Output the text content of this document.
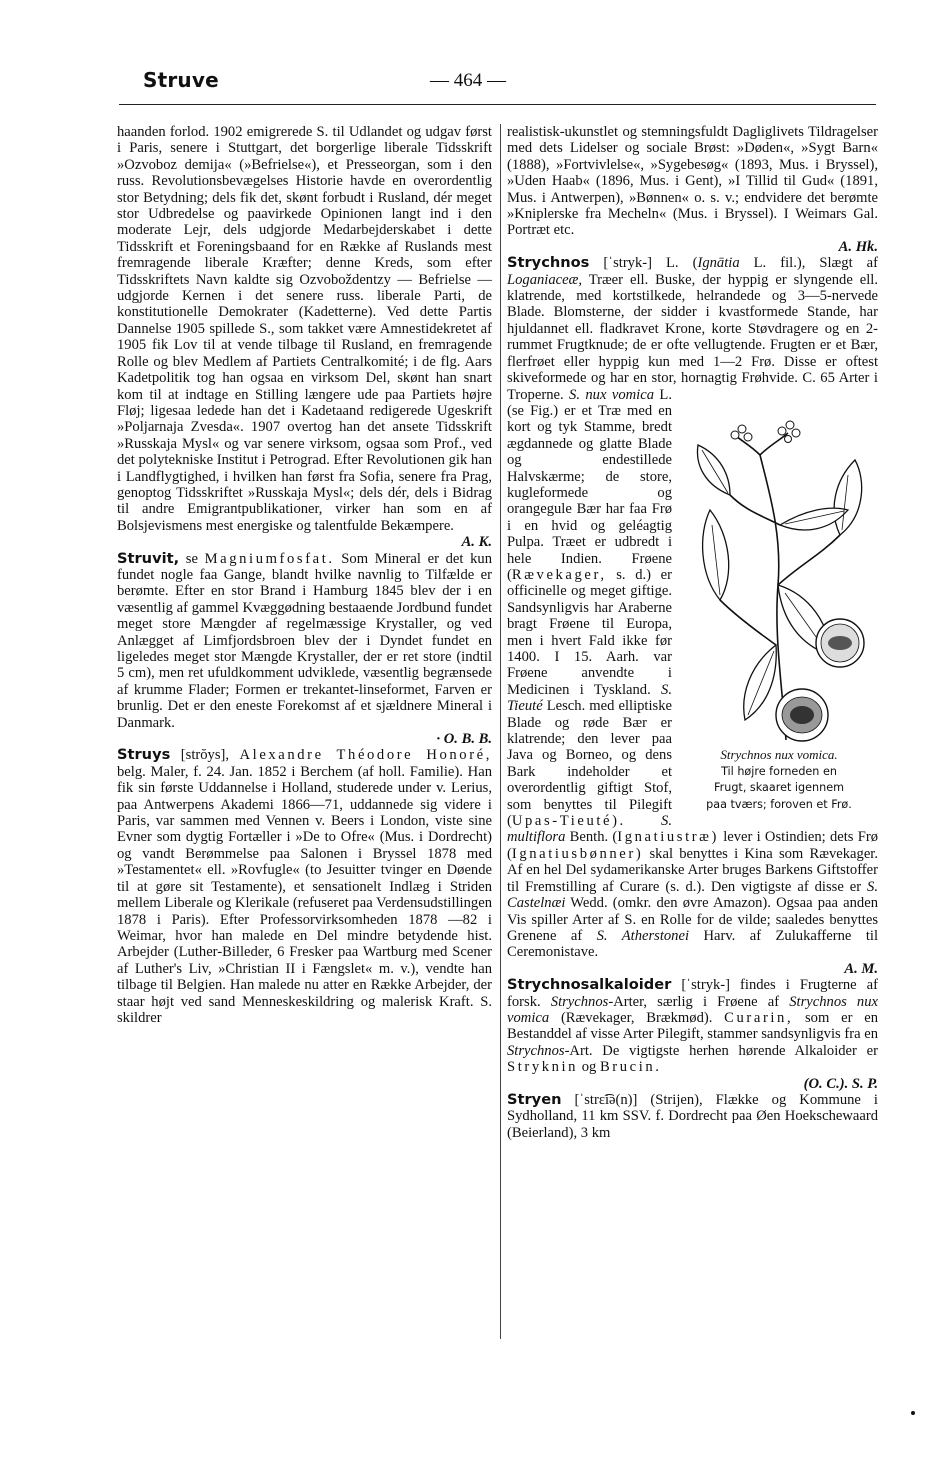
Struve	— 464 —

haanden forlod. 1902 emigrerede S. til Udlandet og udgav først i Paris, senere i Stuttgart, det borgerlige liberale Tidsskrift »Ozvoboz demija« (»Befrielse«), et Presseorgan, som i den russ. Revolutionsbevægelses Historie havde en overordentlig stor Betydning; dels fik det, skønt forbudt i Rusland, dér meget stor Udbredelse og paavirkede Opinionen langt ind i den moderate Lejr, dels udgjorde Medarbejderskabet i dette Tidsskrift et Foreningsbaand for en Række af Ruslands mest fremragende liberale Kræfter; denne Kreds, som efter Tidsskriftets Navn kaldte sig Ozvoboždentzy — Befrielse — udgjorde Kernen i det senere russ. liberale Parti, de konstitutionelle Demokrater (Kadetterne). Ved dette Partis Dannelse 1905 spillede S., som takket være Amnestidekretet af 1905 fik Lov til at vende tilbage til Rusland, en fremragende Rolle og blev Medlem af Partiets Centralkomité; i de flg. Aars Kadetpolitik tog han ogsaa en virksom Del, skønt han snart kom til at indtage en Stilling længere ude paa Partiets højre Fløj; ligesaa ledede han det i Kadetaand redigerede Ugeskrift »Poljarnaja Zvesda«. 1907 overtog han det ansete Tidsskrift »Russkaja Mysl« og var senere virksom, ogsaa som Prof., ved det polytekniske Institut i Petrograd. Efter Revolutionen gik han i Landflygtighed, i hvilken han først fra Sofia, senere fra Prag, genoptog Tidsskriftet »Russkaja Mysl«; dels dér, dels i Bidrag til andre Emigrantpublikationer, virker han som en af Bolsjevismens mest energiske og talentfulde Bekæmpere.

A. K.

Struvit, se Magniumfosfat. Som Mineral er det kun fundet nogle faa Gange, blandt hvilke navnlig to Tilfælde er berømte. Efter en stor Brand i Hamburg 1845 blev der i en væsentlig af gammel Kvæggødning bestaaende Jordbund fundet meget store Mængder af regelmæssige Krystaller, og ved Anlægget af Limfjordsbroen blev der i Dyndet fundet en ligeledes meget stor Mængde Krystaller, der er ret store (indtil 5 cm), men ret ufuldkomment udviklede, væsentlig begrænsede af krumme Flader; Formen er trekantet-linseformet, Farven er brunlig. Det er den eneste Forekomst af et sjældnere Mineral i Danmark.

· O. B. B.

Struys [strŏys], Alexandre Théodore Honoré, belg. Maler, f. 24. Jan. 1852 i Berchem (af holl. Familie). Han fik sin første Uddannelse i Holland, studerede under v. Lerius, paa Antwerpens Akademi 1866—71, uddannede sig videre i Paris, var sammen med Vennen v. Beers i London, viste sine Evner som dygtig Fortæller i »De to Ofre« (Mus. i Dordrecht) og vandt Berømmelse paa Salonen i Bryssel 1878 med »Testamentet« ell. »Rovfugle« (to Jesuitter tvinger en Døende til at gøre sit Testamente), et sensationelt Indlæg i Striden mellem Liberale og Klerikale (refuseret paa Verdensudstillingen 1878 i Paris). Efter Professorvirksomheden 1878 —82 i Weimar, hvor han malede en Del mindre betydende hist. Arbejder (Luther-Billeder, 6 Fresker paa Wartburg med Scener af Luther's Liv, »Christian II i Fængslet« m. v.), vendte han tilbage til Belgien. Han malede nu atter en Række Arbejder, der staar højt ved sand Menneskeskildring og malerisk Kraft. S. skildrer

realistisk-ukunstlet og stemningsfuldt Dagliglivets Tildragelser med dets Lidelser og sociale Brøst: »Døden«, »Sygt Barn« (1888), »Fortvivlelse«, »Sygebesøg« (1893, Mus. i Bryssel), »Uden Haab« (1896, Mus. i Gent), »I Tillid til Gud« (1891, Mus. i Antwerpen), »Bønnen« o. s. v.; endvidere det berømte »Kniplerske fra Mecheln« (Mus. i Bryssel). I Weimars Gal. Portræt etc.

A. Hk.

Strychnos [ˈstryk-] L. (Ignātia L. fil.), Slægt af Loganiaceæ, Træer ell. Buske, der hyppig er slyngende ell. klatrende, med kortstilkede, helrandede og 3—5-nervede Blade. Blomsterne, der sidder i kvastformede Stande, har hjuldannet ell. fladkravet Krone, korte Støvdragere og en 2-rummet Frugtknude; de er ofte vellugtende. Frugten er et Bær, flerfrøet eller hyppig kun med 1—2 Frø. Disse er oftest skiveformede og har en stor, hornagtig Frøhvide. C. 65 Arter i Troperne.
Strychnos nux vomica.
Til højre forneden en
Frugt, skaaret igennem
paa tværs; foroven et Frø.
S. nux vomica L. (se Fig.) er et Træ med en kort og tyk Stamme, bredt ægdannede og glatte Blade og endestillede Halvskærme; de store, kugleformede og orangegule Bær har faa Frø i en hvid og geléagtig Pulpa. Træet er udbredt i hele Indien. Frøene (Rævekager, s. d.) er officinelle og meget giftige. Sandsynligvis har Araberne bragt Frøene til Europa, men i hvert Fald ikke før 1400. I 15. Aarh. var Frøene anvendte i Medicinen i Tyskland. S. Tieuté Lesch. med elliptiske Blade og røde Bær er klatrende; den lever paa Java og Borneo, og dens Bark indeholder et overordentlig giftigt Stof, som benyttes til Pilegift (Upas-Tieuté). S. multiflora Benth. (Ignatiustræ) lever i Ostindien; dets Frø (Ignatiusbønner) skal benyttes i Kina som Rævekager. Af en hel Del sydamerikanske Arter bruges Barkens Giftstoffer til Fremstilling af Curare (s. d.). Den vigtigste af disse er S. Castelnæi Wedd. (omkr. den øvre Amazon). Ogsaa paa anden Vis spiller Arter af S. en Rolle for de vilde; saaledes benyttes Grenene af S. Atherstonei Harv. af Zulukafferne til Ceremonistave.

A. M.

Strychnosalkaloider [ˈstryk-] findes i Frugterne af forsk. Strychnos-Arter, særlig i Frøene af Strychnos nux vomica (Rævekager, Brækmød). Curarin, som er en Bestanddel af visse Arter Pilegift, stammer sandsynligvis fra en Strychnos-Art. De vigtigste herhen hørende Alkaloider er Stryknin og Brucin.

(O. C.). S. P.

Stryen [ˈstrɛ͡iə(n)] (Strijen), Flække og Kommune i Sydholland, 11 km SSV. f. Dordrecht paa Øen Hoekschewaard (Beierland), 3 km
